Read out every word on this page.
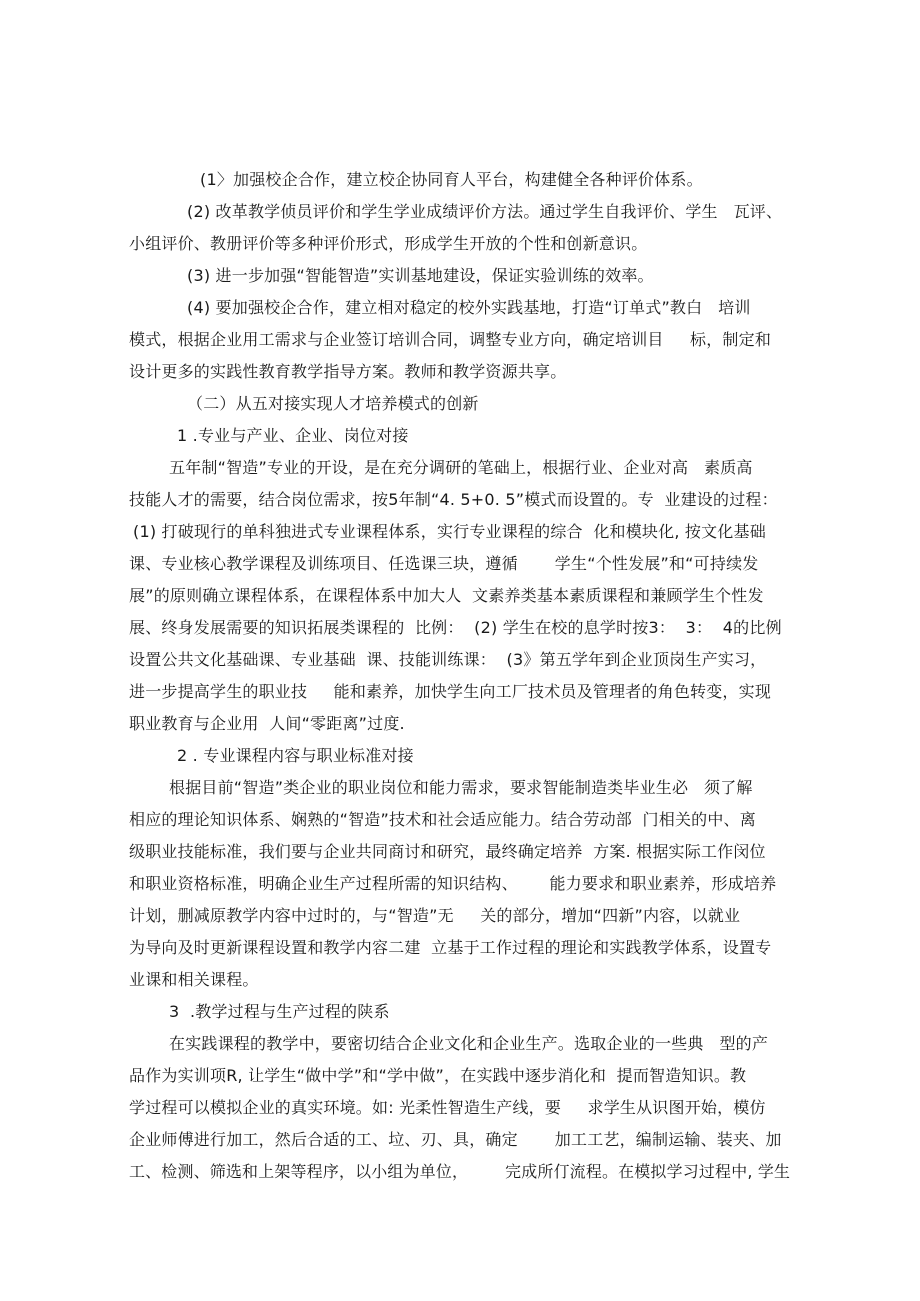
(1〉加强校企合作，建立校企协同育人平台，构建健全各种评价体系。
(2) 改革教学侦员评价和学生学业成绩评价方法。通过学生自我评价、学生   瓦评、
小组评价、教册评价等多种评价形式，形成学生开放的个性和创新意识。
(3) 进一步加强“智能智造”实训基地建设，保证实验训练的效率。
(4) 要加强校企合作，建立相对稳定的校外实践基地，打造“订单式”教白   培训
模式，根据企业用工需求与企业签订培训合同，调整专业方向，确定培训目     标，制定和
设计更多的实践性教育教学指导方案。教师和教学资源共享。
（二）从五对接实现人才培养模式的创新
1 .专业与产业、企业、岗位对接
五年制“智造”专业的开设，是在充分调研的笔础上，根据行业、企业对高   素质高
技能人才的需要，结合岗位需求，按5年制“4. 5+0. 5”模式而设置的。专  业建设的过程：
(1) 打破现行的单科独进式专业课程体系，实行专业课程的综合  化和模块化, 按文化基础
课、专业核心教学课程及训练项目、任选课三块，遵循       学生“个性发展”和“可持续发
展”的原则确立课程体系，在课程体系中加大人  文素养类基本素质课程和兼顾学生个性发
展、终身发展需要的知识拓展类课程的  比例：  (2) 学生在校的息学时按3：  3：  4的比例
设置公共文化基础课、专业基础  课、技能训练课：  (3》第五学年到企业顶岗生产实习，
进一步提高学生的职业技     能和素养，加快学生向工厂技术员及管理者的角色转变，实现
职业教育与企业用  人间“零距离”过度.
2 . 专业课程内容与职业标准对接
根据目前“智造”类企业的职业岗位和能力需求，要求智能制造类毕业生必   须了解
相应的理论知识体系、娴熟的“智造”技术和社会适应能力。结合劳动部  门相关的中、离
级职业技能标准，我们要与企业共同商讨和研究，最终确定培养  方案. 根据实际工作闵位
和职业资格标准，明确企业生产过程所需的知识结构、      能力要求和职业素养，形成培养
计划，删减原教学内容中过时的，与“智造”无     关的部分，增加“四新”内容，以就业
为导向及时更新课程设置和教学内容二建  立基于工作过程的理论和实践教学体系，设置专
业课和相关课程。
3  .教学过程与生产过程的陕系
在实践课程的教学中，要密切结合企业文化和企业生产。选取企业的一些典   型的产
品作为实训项R, 让学生“做中学”和“学中做”，在实践中逐步消化和  提而智造知识。教
学过程可以模拟企业的真实环境。如: 光柔性智造生产线，要     求学生从识图开始，模仿
企业师傅进行加工，然后合适的工、垃、刃、具，确定       加工工艺，编制运输、装夹、加
工、检测、筛选和上架等程序，以小组为单位，       完成所仃流程。在模拟学习过程中, 学生
